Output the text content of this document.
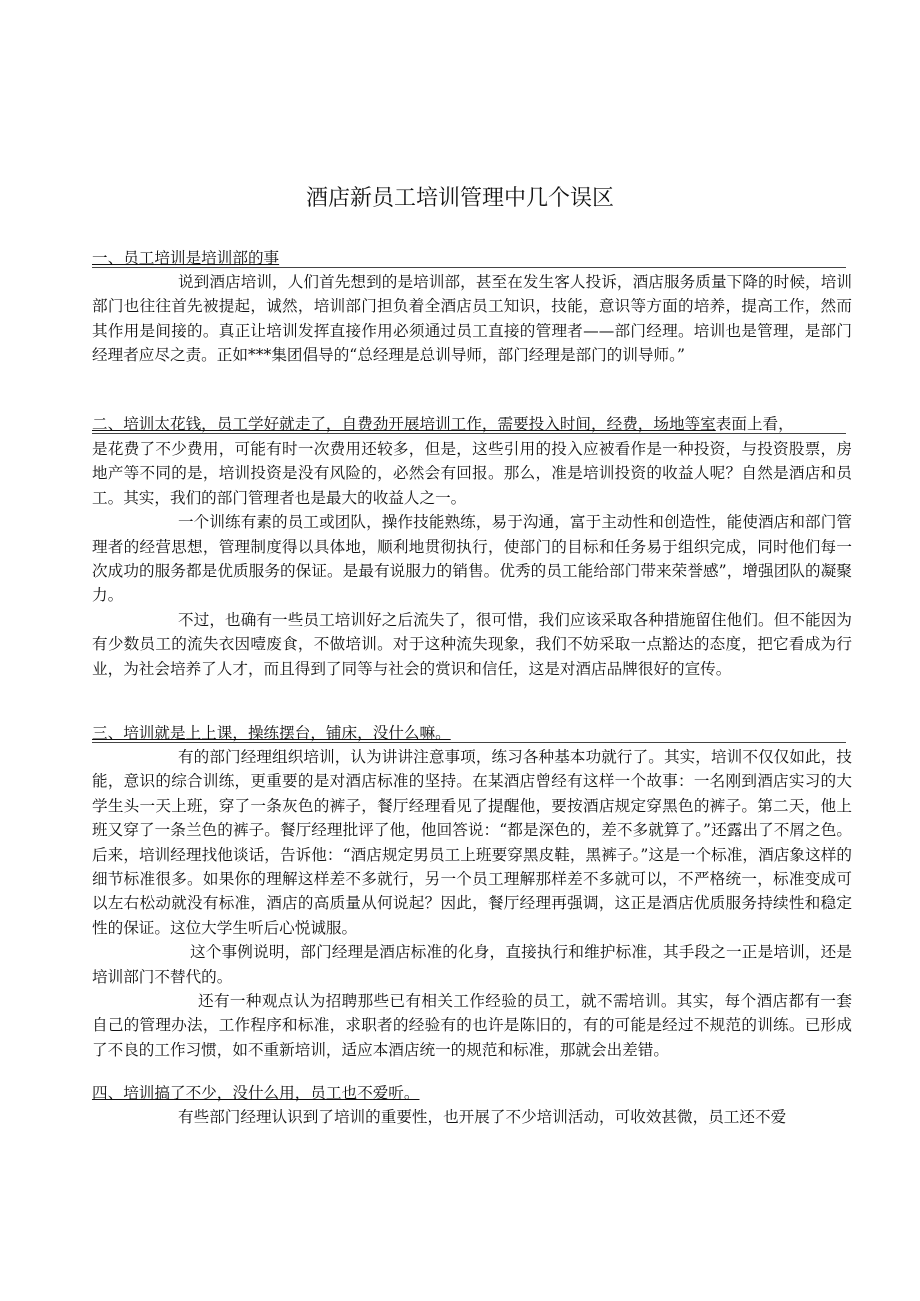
酒店新员工培训管理中几个误区
一、员工培训是培训部的事

说到酒店培训，人们首先想到的是培训部，甚至在发生客人投诉，酒店服务质量下降的时候，培训部门也往往首先被提起，诚然，培训部门担负着全酒店员工知识，技能，意识等方面的培养，提高工作，然而其作用是间接的。真正让培训发挥直接作用必须通过员工直接的管理者——部门经理。培训也是管理，是部门经理者应尽之责。正如***集团倡导的“总经理是总训导师，部门经理是部门的训导师。”

二、培训太花钱，员工学好就走了，自费劲开展培训工作，需要投入时间，经费，场地等室表面上看，

是花费了不少费用，可能有时一次费用还较多，但是，这些引用的投入应被看作是一种投资，与投资股票，房地产等不同的是，培训投资是没有风险的，必然会有回报。那么，准是培训投资的收益人呢？自然是酒店和员工。其实，我们的部门管理者也是最大的收益人之一。

一个训练有素的员工或团队，操作技能熟练，易于沟通，富于主动性和创造性，能使酒店和部门管理者的经营思想，管理制度得以具体地，顺利地贯彻执行，使部门的目标和任务易于组织完成，同时他们每一次成功的服务都是优质服务的保证。是最有说服力的销售。优秀的员工能给部门带来荣誉感”，增强团队的凝聚力。

不过，也确有一些员工培训好之后流失了，很可惜，我们应该采取各种措施留住他们。但不能因为有少数员工的流失衣因噎废食，不做培训。对于这种流失现象，我们不妨采取一点豁达的态度，把它看成为行业，为社会培养了人才，而且得到了同等与社会的赏识和信任，这是对酒店品牌很好的宣传。

三、培训就是上上课，操练摆台，铺床，没什么嘛。

有的部门经理组织培训，认为讲讲注意事项，练习各种基本功就行了。其实，培训不仅仅如此，技能，意识的综合训练，更重要的是对酒店标准的坚持。在某酒店曾经有这样一个故事：一名刚到酒店实习的大学生头一天上班，穿了一条灰色的裤子，餐厅经理看见了提醒他，要按酒店规定穿黑色的裤子。第二天，他上班又穿了一条兰色的裤子。餐厅经理批评了他，他回答说：“都是深色的，差不多就算了。”还露出了不屑之色。后来，培训经理找他谈话，告诉他：“酒店规定男员工上班要穿黑皮鞋，黑裤子。”这是一个标准，酒店象这样的细节标准很多。如果你的理解这样差不多就行，另一个员工理解那样差不多就可以，不严格统一，标准变成可以左右松动就没有标准，酒店的高质量从何说起？因此，餐厅经理再强调，这正是酒店优质服务持续性和稳定性的保证。这位大学生听后心悦诚服。

这个事例说明，部门经理是酒店标准的化身，直接执行和维护标准，其手段之一正是培训，还是培训部门不替代的。

还有一种观点认为招聘那些已有相关工作经验的员工，就不需培训。其实，每个酒店都有一套自己的管理办法，工作程序和标准，求职者的经验有的也许是陈旧的，有的可能是经过不规范的训练。已形成了不良的工作习惯，如不重新培训，适应本酒店统一的规范和标准，那就会出差错。

四、培训搞了不少，没什么用，员工也不爱听。

有些部门经理认识到了培训的重要性，也开展了不少培训活动，可收效甚微，员工还不爱
